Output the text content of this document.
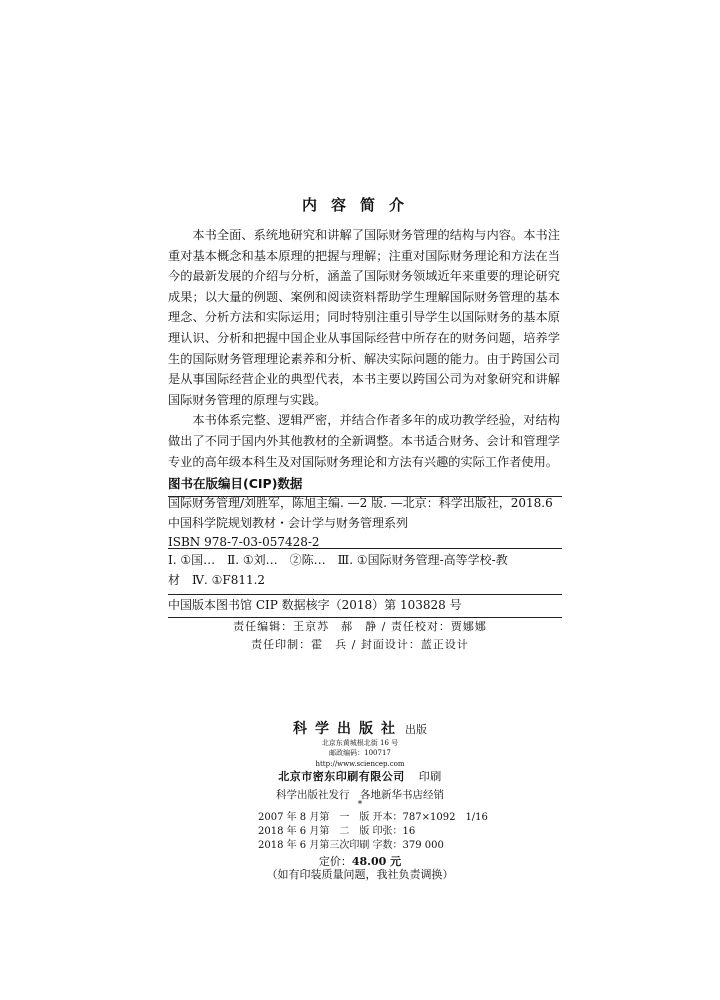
内容简介

本书全面、系统地研究和讲解了国际财务管理的结构与内容。本书注重对基本概念和基本原理的把握与理解；注重对国际财务理论和方法在当今的最新发展的介绍与分析，涵盖了国际财务领域近年来重要的理论研究成果；以大量的例题、案例和阅读资料帮助学生理解国际财务管理的基本理念、分析方法和实际运用；同时特别注重引导学生以国际财务的基本原理认识、分析和把握中国企业从事国际经营中所存在的财务问题，培养学生的国际财务管理理论素养和分析、解决实际问题的能力。由于跨国公司是从事国际经营企业的典型代表，本书主要以跨国公司为对象研究和讲解国际财务管理的原理与实践。

本书体系完整、逻辑严密，并结合作者多年的成功教学经验，对结构做出了不同于国内外其他教材的全新调整。本书适合财务、会计和管理学专业的高年级本科生及对国际财务理论和方法有兴趣的实际工作者使用。

图书在版编目(CIP)数据
国际财务管理/刘胜军，陈旭主编. —2 版. —北京：科学出版社，2018.6
中国科学院规划教材・会计学与财务管理系列
ISBN 978-7-03-057428-2
Ⅰ. ①国…　Ⅱ. ①刘…　②陈…　Ⅲ. ①国际财务管理-高等学校-教
材　Ⅳ. ①F811.2
中国版本图书馆 CIP 数据核字（2018）第 103828 号
责任编辑：王京苏　郝　静 / 责任校对：贾娜娜
责任印制：霍　兵 / 封面设计：蓝正设计
科学出版社 出版
北京东黄城根北街 16 号
邮政编码：100717
http://www.sciencep.com
北京市密东印刷有限公司 印刷
科学出版社发行　各地新华书店经销
*
2007 年 8 月第　一　版 开本：787×1092　1/16
2018 年 6 月第　二　版 印张：16
2018 年 6 月第三次印刷 字数：379 000
定价：48.00 元
（如有印装质量问题，我社负责调换）
